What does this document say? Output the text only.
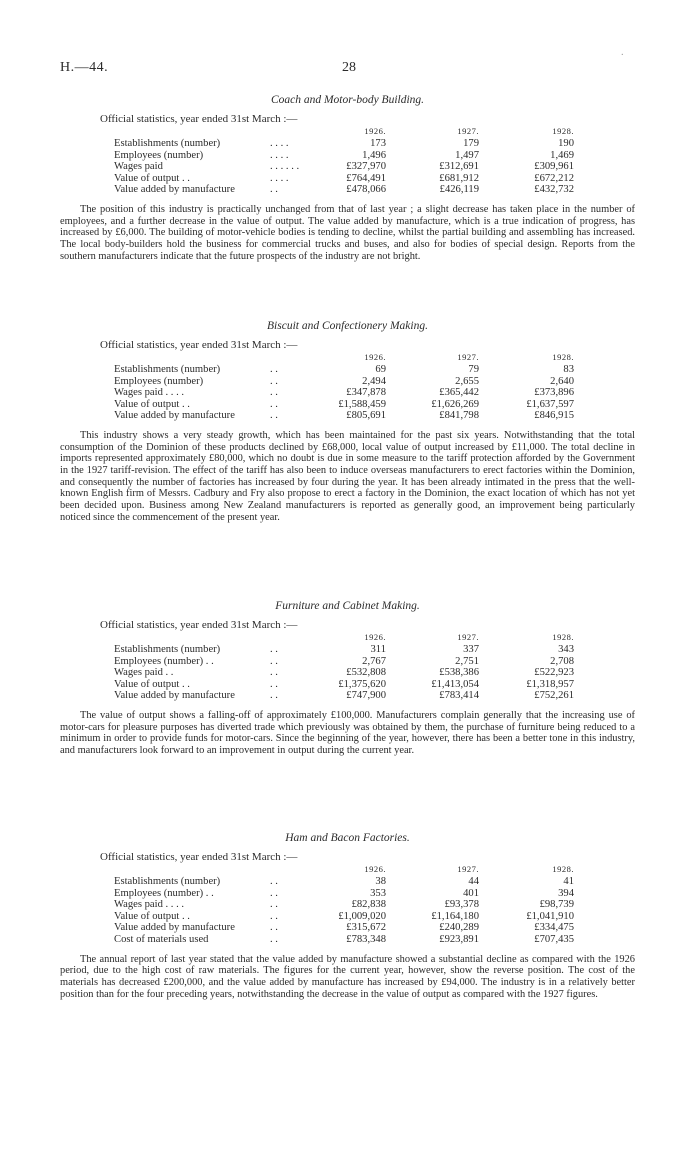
H.—44.	28
·
Coach and Motor-body Building.
Official statistics, year ended 31st March :—
		1926.	1927.	1928.
Establishments (number)	. . . .	173	179	190
Employees (number)	. . . .	1,496	1,497	1,469
Wages paid	. . . . . .	£327,970	£312,691	£309,961
Value of output . .	. . . .	£764,491	£681,912	£672,212
Value added by manufacture	. .	£478,066	£426,119	£432,732

The position of this industry is practically unchanged from that of last year ; a slight decrease has taken place in the number of employees, and a further decrease in the value of output. The value added by manufacture, which is a true indication of progress, has increased by £6,000. The building of motor-vehicle bodies is tending to decline, whilst the partial building and assembling has increased. The local body-builders hold the business for commercial trucks and buses, and also for bodies of special design. Reports from the southern manufacturers indicate that the future prospects of the industry are not bright.

Biscuit and Confectionery Making.
Official statistics, year ended 31st March :—
		1926.	1927.	1928.
Establishments (number)	. .	69	79	83
Employees (number)	. .	2,494	2,655	2,640
Wages paid . . . .	. .	£347,878	£365,442	£373,896
Value of output . .	. .	£1,588,459	£1,626,269	£1,637,597
Value added by manufacture	. .	£805,691	£841,798	£846,915

This industry shows a very steady growth, which has been maintained for the past six years. Notwithstanding that the total consumption of the Dominion of these products declined by £68,000, local value of output increased by £11,000. The total decline in imports represented approximately £80,000, which no doubt is due in some measure to the tariff protection afforded by the Government in the 1927 tariff-revision. The effect of the tariff has also been to induce overseas manufacturers to erect factories within the Dominion, and consequently the number of factories has increased by four during the year. It has been already intimated in the press that the well-known English firm of Messrs. Cadbury and Fry also propose to erect a factory in the Dominion, the exact location of which has not yet been decided upon. Business among New Zealand manufacturers is reported as generally good, an improvement being particularly noticed since the commencement of the present year.

Furniture and Cabinet Making.
Official statistics, year ended 31st March :—
		1926.	1927.	1928.
Establishments (number)	. .	311	337	343
Employees (number) . .	. .	2,767	2,751	2,708
Wages paid . .	. .	£532,808	£538,386	£522,923
Value of output . .	. .	£1,375,620	£1,413,054	£1,318,957
Value added by manufacture	. .	£747,900	£783,414	£752,261

The value of output shows a falling-off of approximately £100,000. Manufacturers complain generally that the increasing use of motor-cars for pleasure purposes has diverted trade which previously was obtained by them, the purchase of furniture being reduced to a minimum in order to provide funds for motor-cars. Since the beginning of the year, however, there has been a better tone in this industry, and manufacturers look forward to an improvement in output during the current year.

Ham and Bacon Factories.
Official statistics, year ended 31st March :—
		1926.	1927.	1928.
Establishments (number)	. .	38	44	41
Employees (number) . .	. .	353	401	394
Wages paid . . . .	. .	£82,838	£93,378	£98,739
Value of output . .	. .	£1,009,020	£1,164,180	£1,041,910
Value added by manufacture	. .	£315,672	£240,289	£334,475
Cost of materials used	. .	£783,348	£923,891	£707,435

The annual report of last year stated that the value added by manufacture showed a substantial decline as compared with the 1926 period, due to the high cost of raw materials. The figures for the current year, however, show the reverse position. The cost of the materials has decreased £200,000, and the value added by manufacture has increased by £94,000. The industry is in a relatively better position than for the four preceding years, notwithstanding the decrease in the value of output as compared with the 1927 figures.
